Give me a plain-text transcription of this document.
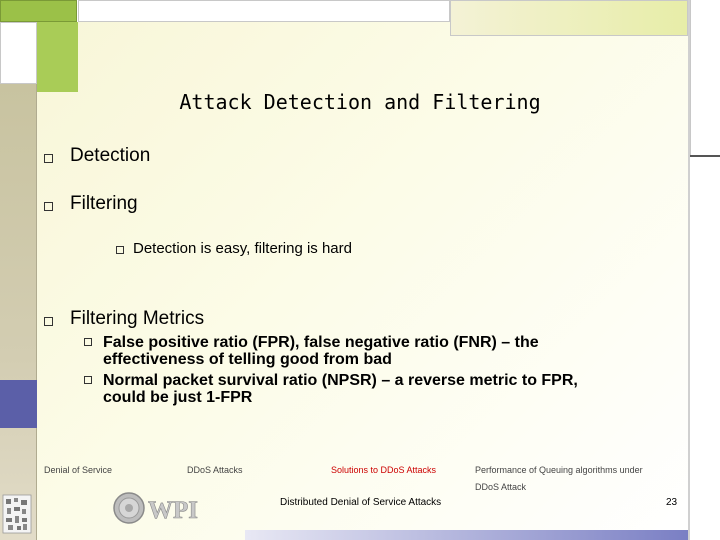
Attack Detection and Filtering
Detection
Filtering
Detection is easy, filtering is hard
Filtering Metrics
False positive ratio (FPR), false negative ratio (FNR) – the
effectiveness of telling good from bad
Normal packet survival ratio (NPSR) – a reverse metric to FPR,
could be just 1-FPR
Denial of Service	DDoS Attacks	Solutions to DDoS Attacks	Performance of Queuing algorithms under
DDoS Attack
Distributed Denial of Service Attacks	23
WPI
